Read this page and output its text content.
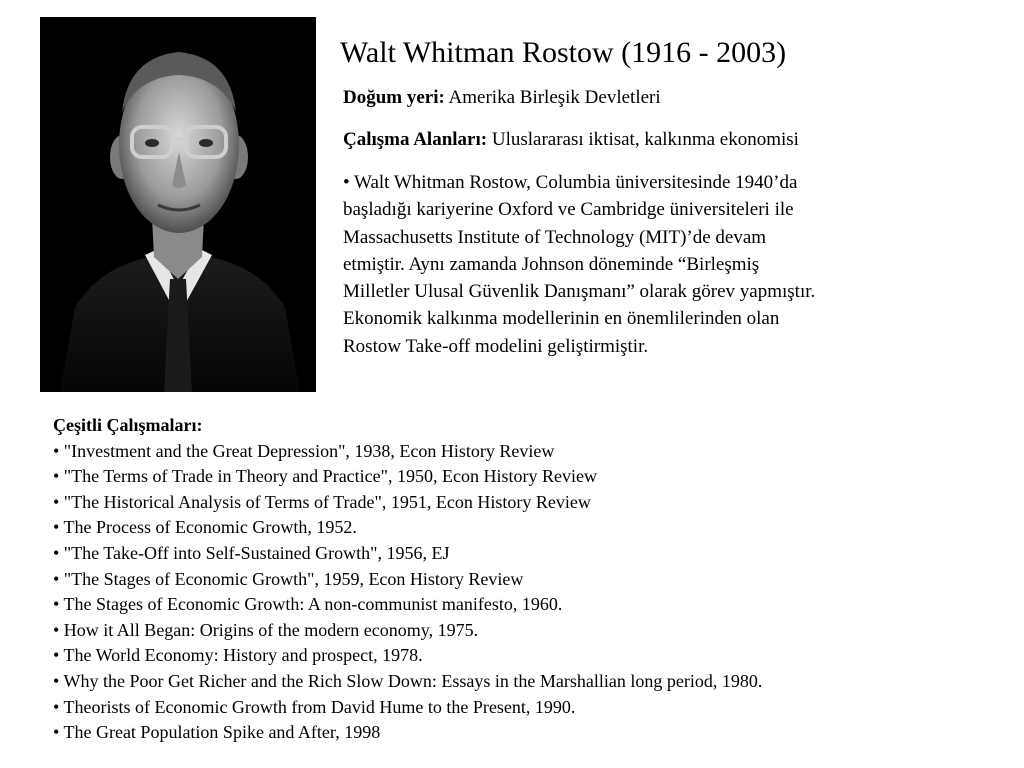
Walt Whitman Rostow (1916 - 2003)
Doğum yeri: Amerika Birleşik Devletleri
Çalışma Alanları: Uluslararası iktisat, kalkınma ekonomisi
• Walt Whitman Rostow, Columbia üniversitesinde 1940’da
başladığı kariyerine Oxford ve Cambridge üniversiteleri ile
Massachusetts Institute of Technology (MIT)’de devam
etmiştir. Aynı zamanda Johnson döneminde “Birleşmiş
Milletler Ulusal Güvenlik Danışmanı” olarak görev yapmıştır.
Ekonomik kalkınma modellerinin en önemlilerinden olan
Rostow Take-off modelini geliştirmiştir.
Çeşitli Çalışmaları:
• "Investment and the Great Depression", 1938, Econ History Review
• "The Terms of Trade in Theory and Practice", 1950, Econ History Review
• "The Historical Analysis of Terms of Trade", 1951, Econ History Review
• The Process of Economic Growth, 1952.
• "The Take-Off into Self-Sustained Growth", 1956, EJ
• "The Stages of Economic Growth", 1959, Econ History Review
• The Stages of Economic Growth: A non-communist manifesto, 1960.
• How it All Began: Origins of the modern economy, 1975.
• The World Economy: History and prospect, 1978.
• Why the Poor Get Richer and the Rich Slow Down: Essays in the Marshallian long period, 1980.
• Theorists of Economic Growth from David Hume to the Present, 1990.
• The Great Population Spike and After, 1998
